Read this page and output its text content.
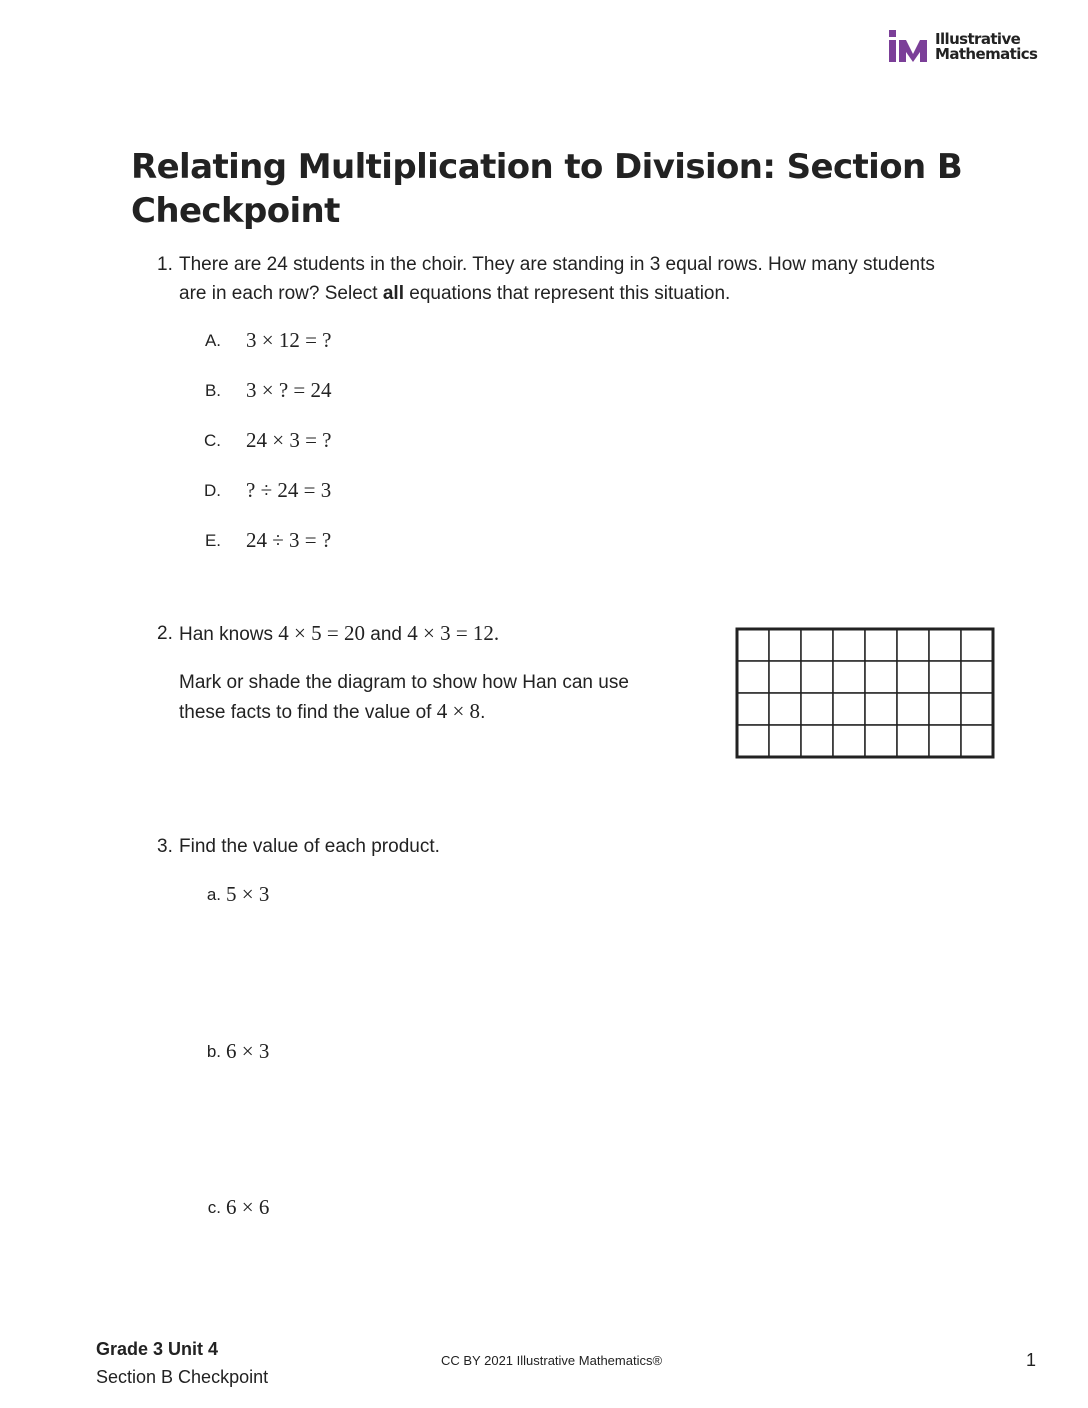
Illustrative
Mathematics
Relating Multiplication to Division: Section B Checkpoint
1. There are 24 students in the choir. They are standing in 3 equal rows. How many students
are in each row? Select all equations that represent this situation.
A. 3 × 12 = ?
B. 3 × ? = 24
C. 24 × 3 = ?
D. ? ÷ 24 = 3
E. 24 ÷ 3 = ?
2. Han knows 4 × 5 = 20 and 4 × 3 = 12.
Mark or shade the diagram to show how Han can use
these facts to find the value of 4 × 8.
3. Find the value of each product.
a. 5 × 3
b. 6 × 3
c. 6 × 6
Grade 3 Unit 4
Section B Checkpoint
CC BY 2021 Illustrative Mathematics®	1
